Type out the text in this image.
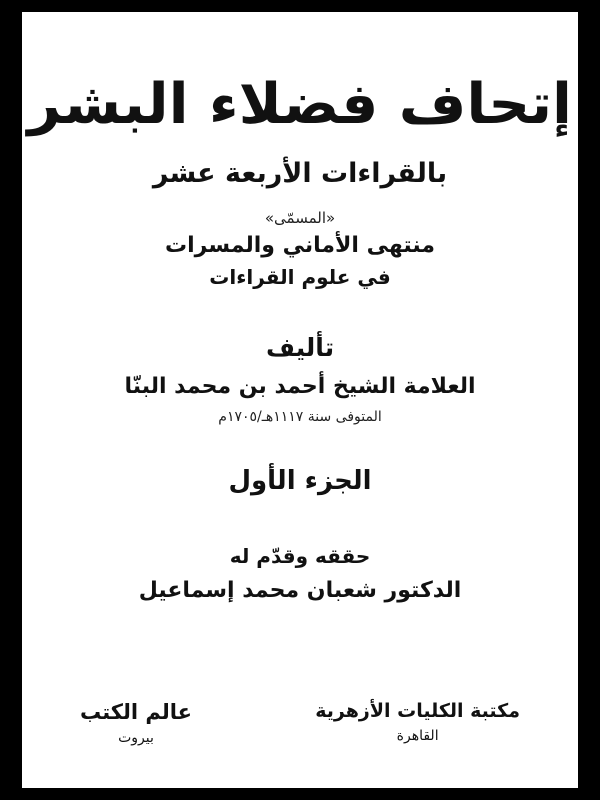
إتحاف فضلاء البشر
بالقراءات الأربعة عشر
«المسمّى»
منتهى الأماني والمسرات
في علوم القراءات
تأليف
العلامة الشيخ أحمد بن محمد البنّا
المتوفى سنة ١١١٧هـ/١٧٠٥م
الجزء الأول
حققه وقدّم له
الدكتور شعبان محمد إسماعيل
مكتبة الكليات الأزهرية
القاهرة
عالم الكتب
بيروت
